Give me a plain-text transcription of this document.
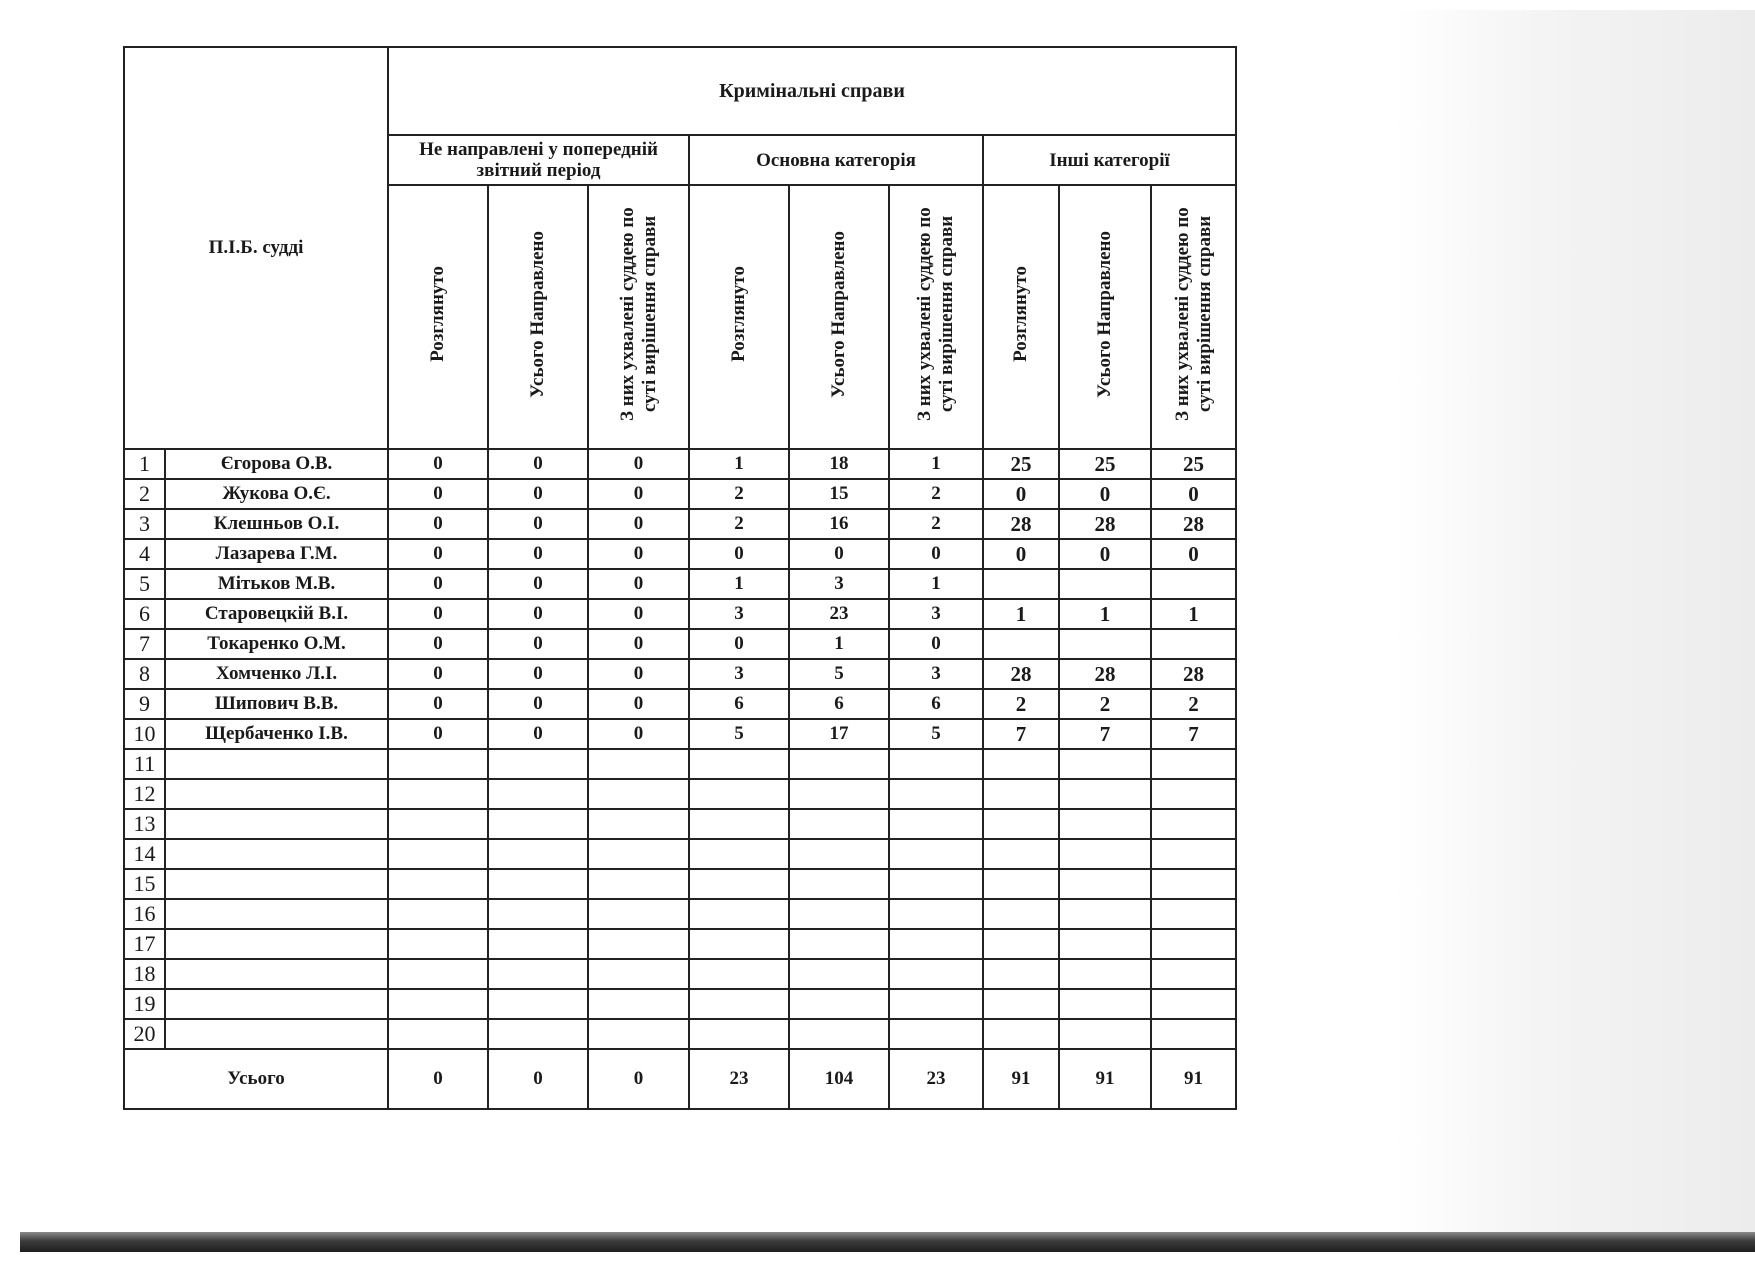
П.І.Б. судді		Кримінальні справи								
		Не направлені у попередній звітний період			Основна категорія			Інші категорії		
		Розглянуто	Усього Направлено	З них ухвалені суддею по суті вирішення справи	Розглянуто	Усього Направлено	З них ухвалені суддею по суті вирішення справи	Розглянуто	Усього Направлено	З них ухвалені суддею по суті вирішення справи
1	Єгорова О.В.	0	0	0	1	18	1	25	25	25
2	Жукова О.Є.	0	0	0	2	15	2	0	0	0
3	Клешньов О.І.	0	0	0	2	16	2	28	28	28
4	Лазарева Г.М.	0	0	0	0	0	0	0	0	0
5	Мітьков М.В.	0	0	0	1	3	1			
6	Старовецкій В.І.	0	0	0	3	23	3	1	1	1
7	Токаренко О.М.	0	0	0	0	1	0			
8	Хомченко Л.І.	0	0	0	3	5	3	28	28	28
9	Шипович В.В.	0	0	0	6	6	6	2	2	2
10	Щербаченко І.В.	0	0	0	5	17	5	7	7	7
11										
12										
13										
14										
15										
16										
17										
18										
19										
20										
Усього		0	0	0	23	104	23	91	91	91
